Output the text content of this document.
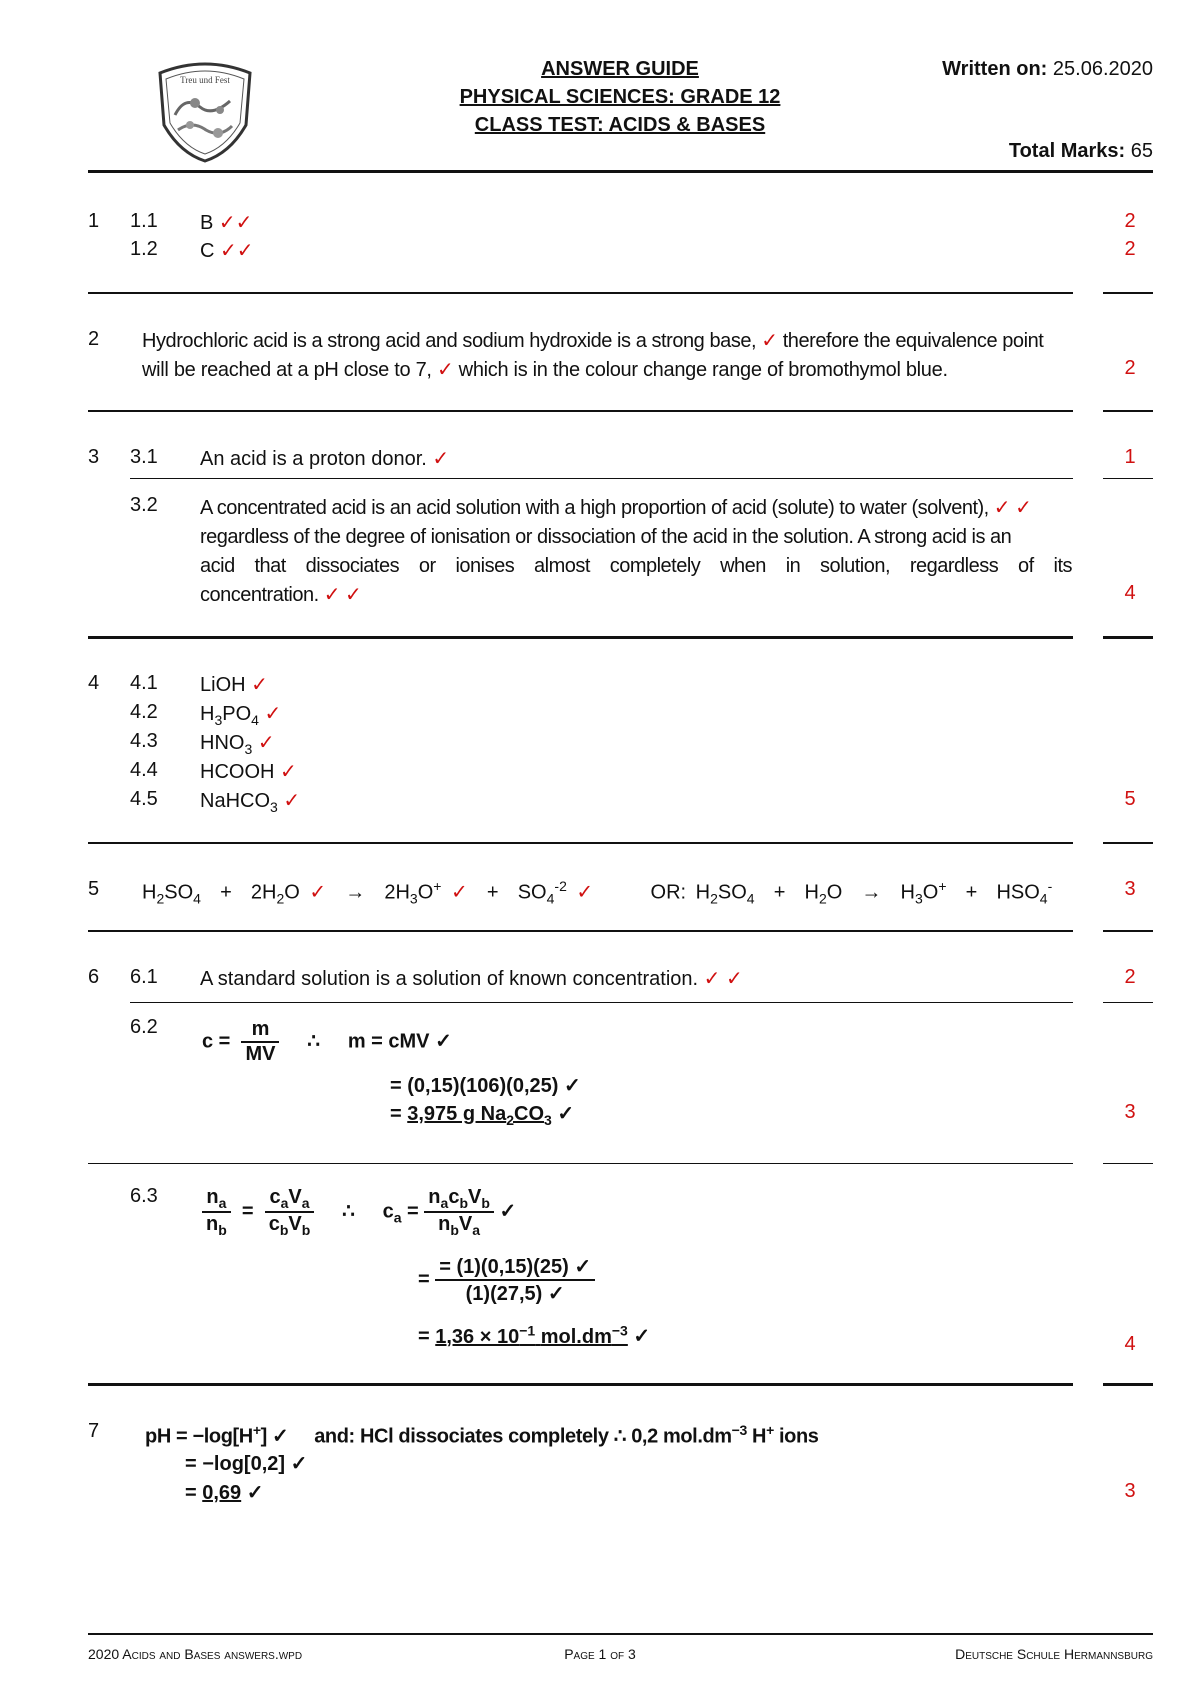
Treu und Fest	ANSWER GUIDE
PHYSICAL SCIENCES: GRADE 12
CLASS TEST: ACIDS & BASES
Written on: 25.06.2020
Total Marks: 65
1 1.1 B ✓✓	2
1.2 C ✓✓	2
2 Hydrochloric acid is a strong acid and sodium hydroxide is a strong base, ✓ therefore the equivalence point
will be reached at a pH close to 7, ✓ which is in the colour change range of bromothymol blue.	2
3 3.1 An acid is a proton donor. ✓	1
3.2 A concentrated acid is an acid solution with a high proportion of acid (solute) to water (solvent), ✓ ✓
regardless of the degree of ionisation or dissociation of the acid in the solution. A strong acid is an
acid that dissociates or ionises almost completely when in solution, regardless of its
concentration. ✓ ✓	4
4 4.1 LiOH ✓
4.2 $H_3PO_4$ ✓
4.3 $HNO_3$ ✓
4.4 HCOOH ✓
4.5 NaHCO$_3$ ✓	5
5 $H_2SO_4 + 2H_2O$ ✓  →  $2H_3O^+$ ✓  +  $SO_4^{-2}$ ✓	OR: $H_2SO_4 + H_2O \to H_3O^+ + HSO_4^-$	3
6 6.1 A standard solution is a solution of known concentration. ✓ ✓	2
6.2
$c = \frac{m}{MV}$ ∴ m = cMV ✓
= (0,15)(106)(0,25) ✓
= 3,975 g $Na_2CO_3$ ✓	3
$6.3 \frac{n_a}{n_b} = \frac{c_aV_a}{c_bV_b}$ ∴     $c_a = \frac{n_ac_bV_b}{n_bV_a}$ ✓
= $\frac{= (1)(0,15)(25) ✓}{(1)(27,5) ✓}$
= $1,36 \times 10^{-1}$ $mol.dm^{-3}$ ✓	4
7 pH = −log[H+] ✓ and: HCl dissociates completely ∴ 0,2 $mol.dm^{-3}$ H+ ions
= −log[0,2] ✓
= 0,69 ✓	3
2020 Acids and Bases answers.wpd	Page 1 of 3	Deutsche Schule Hermannsburg
